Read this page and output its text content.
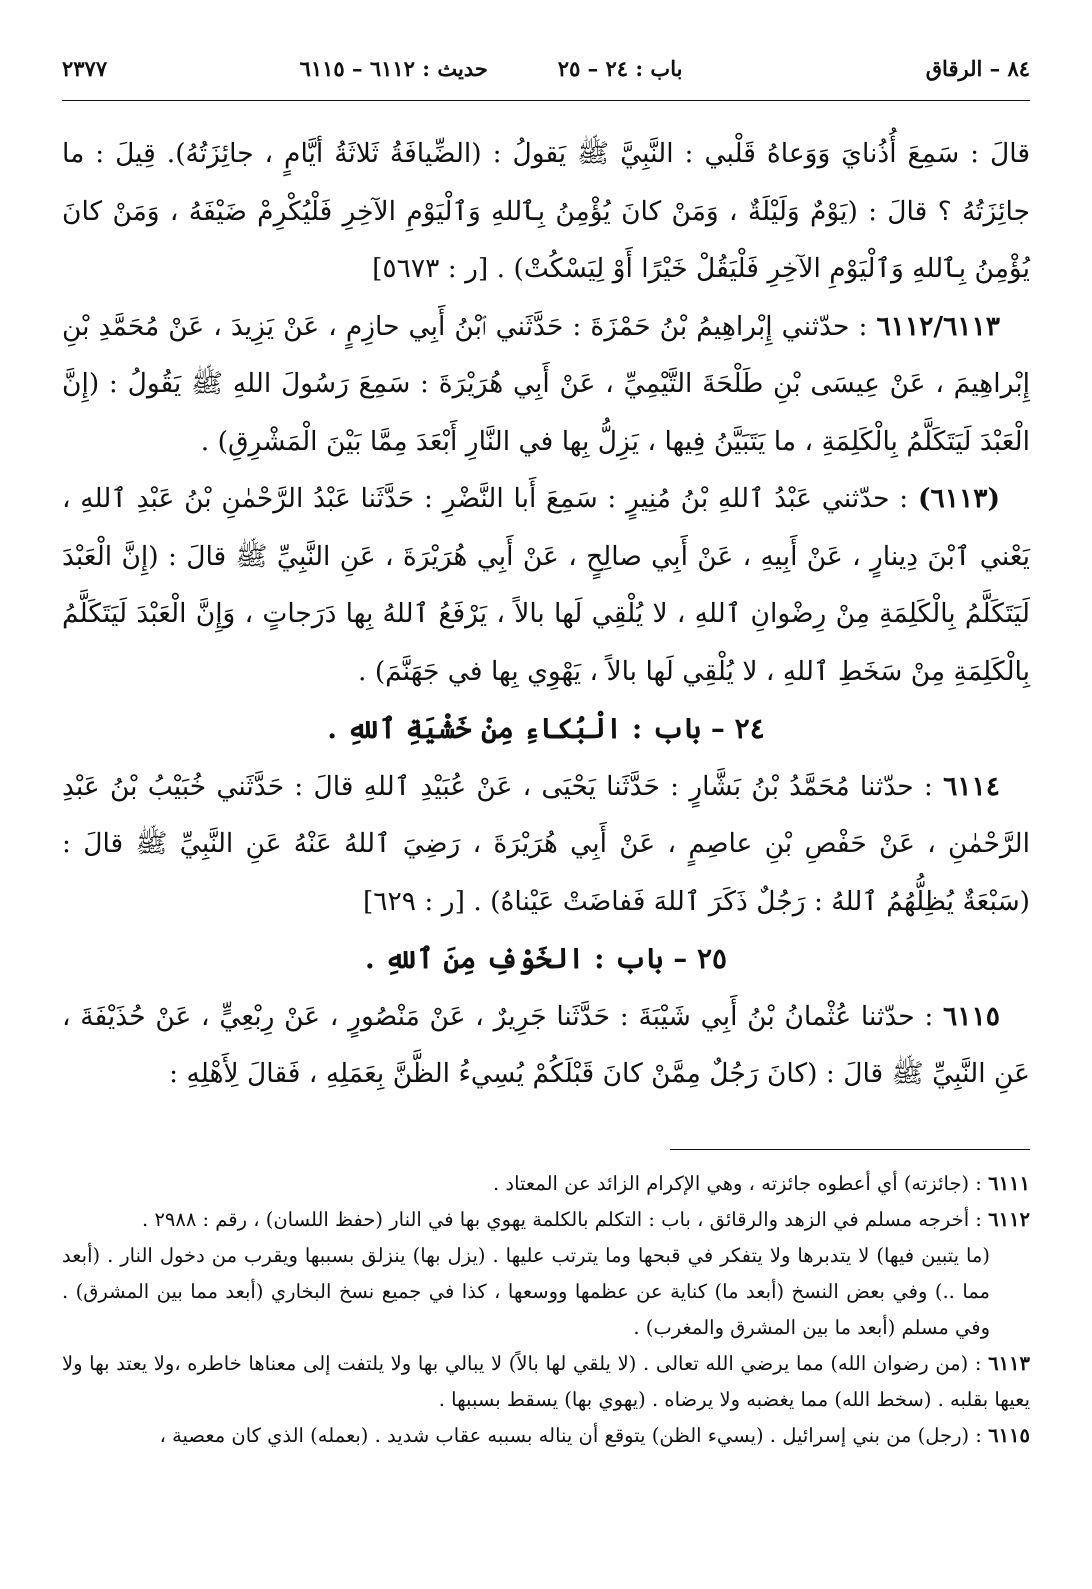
٨٤ – الرقاق
باب : ٢٤ – ٢٥
حديث : ٦١١٢ – ٦١١٥
٢٣٧٧

قالَ : سَمِعَ أُذُنايَ وَوَعاهُ قَلْبي : النَّبِيَّ ﷺ يَقولُ : (الضِّيافَةُ ثَلاثَةُ أيَّامٍ ، جائِزَتُهُ). قِيلَ : ما جائِزَتُهُ ؟ قالَ : (يَوْمٌ وَلَيْلَةٌ ، وَمَنْ كانَ يُؤْمِنُ بِٱللهِ وَٱلْيَوْمِ الآخِرِ فَلْيُكْرِمْ ضَيْفَهُ ، وَمَنْ كانَ يُؤْمِنُ بِٱللهِ وَٱلْيَوْمِ الآخِرِ فَلْيَقُلْ خَيْرًا أَوْ لِيَسْكُتْ) . [ر : ٥٦٧٣]

٦١١٢/٦١١٣ : حدّثني إِبْراهِيمُ بْنُ حَمْزَةَ : حَدَّثَني ٱبْنُ أَبِي حازِمٍ ، عَنْ يَزِيدَ ، عَنْ مُحَمَّدِ بْنِ إِبْراهِيمَ ، عَنْ عِيسَى بْنِ طَلْحَةَ التَّيْمِيِّ ، عَنْ أَبِي هُرَيْرَةَ : سَمِعَ رَسُولَ اللهِ ﷺ يَقُولُ : (إِنَّ الْعَبْدَ لَيَتَكَلَّمُ بِالْكَلِمَةِ ، ما يَتَبَيَّنُ فِيها ، يَزِلُّ بِها في النَّارِ أَبْعَدَ مِمَّا بَيْنَ الْمَشْرِقِ) .

(٦١١٣) : حدّثني عَبْدُ ٱللهِ بْنُ مُنِيرٍ : سَمِعَ أَبا النَّضْرِ : حَدَّثَنا عَبْدُ الرَّحْمٰنِ بْنُ عَبْدِ ٱللهِ ، يَعْني ٱبْنَ دِينارٍ ، عَنْ أَبِيهِ ، عَنْ أَبِي صالِحٍ ، عَنْ أَبِي هُرَيْرَةَ ، عَنِ النَّبِيِّ ﷺ قالَ : (إِنَّ الْعَبْدَ لَيَتَكَلَّمُ بِالْكَلِمَةِ مِنْ رِضْوانِ ٱللهِ ، لا يُلْقِي لَها بالاً ، يَرْفَعُ ٱللهُ بِها دَرَجاتٍ ، وَإِنَّ الْعَبْدَ لَيَتَكَلَّمُ بِالْكَلِمَةِ مِنْ سَخَطِ ٱللهِ ، لا يُلْقِي لَها بالاً ، يَهْوِي بِها في جَهَنَّمَ) .

٢٤ – باب : الْبُكاءِ مِنْ خَشْيَةِ ٱللهِ .

٦١١٤ : حدّثنا مُحَمَّدُ بْنُ بَشَّارٍ : حَدَّثَنا يَحْيَى ، عَنْ عُبَيْدِ ٱللهِ قالَ : حَدَّثَني خُبَيْبُ بْنُ عَبْدِ الرَّحْمٰنِ ، عَنْ حَفْصِ بْنِ عاصِمٍ ، عَنْ أَبِي هُرَيْرَةَ ، رَضِيَ ٱللهُ عَنْهُ عَنِ النَّبِيِّ ﷺ قالَ : (سَبْعَةٌ يُظِلُّهُمُ ٱللهُ : رَجُلٌ ذَكَرَ ٱللهَ فَفاضَتْ عَيْناهُ) . [ر : ٦٢٩]

٢٥ – باب : الخَوْفِ مِنَ ٱللهِ .

٦١١٥ : حدّثنا عُثْمانُ بْنُ أَبِي شَيْبَةَ : حَدَّثَنا جَرِيرٌ ، عَنْ مَنْصُورٍ ، عَنْ رِبْعِيٍّ ، عَنْ حُذَيْفَةَ ، عَنِ النَّبِيِّ ﷺ قالَ : (كانَ رَجُلٌ مِمَّنْ كانَ قَبْلَكُمْ يُسِيءُ الظَّنَّ بِعَمَلِهِ ، فَقالَ لِأَهْلِهِ :

٦١١١ : (جائزته) أي أعطوه جائزته ، وهي الإكرام الزائد عن المعتاد .

٦١١٢ : أخرجه مسلم في الزهد والرقائق ، باب : التكلم بالكلمة يهوي بها في النار (حفظ اللسان) ، رقم : ٢٩٨٨ .

(ما يتبين فيها) لا يتدبرها ولا يتفكر في قبحها وما يترتب عليها . (يزل بها) ينزلق بسببها ويقرب من دخول النار . (أبعد مما ..) وفي بعض النسخ (أبعد ما) كناية عن عظمها ووسعها ، كذا في جميع نسخ البخاري (أبعد مما بين المشرق) . وفي مسلم (أبعد ما بين المشرق والمغرب) .

٦١١٣ : (من رضوان الله) مما يرضي الله تعالى . (لا يلقي لها بالاً) لا يبالي بها ولا يلتفت إلى معناها خاطره ،ولا يعتد بها ولا يعيها بقلبه . (سخط الله) مما يغضبه ولا يرضاه . (يهوي بها) يسقط بسببها .

٦١١٥ : (رجل) من بني إسرائيل . (يسيء الظن) يتوقع أن يناله بسببه عقاب شديد . (بعمله) الذي كان معصية ،
